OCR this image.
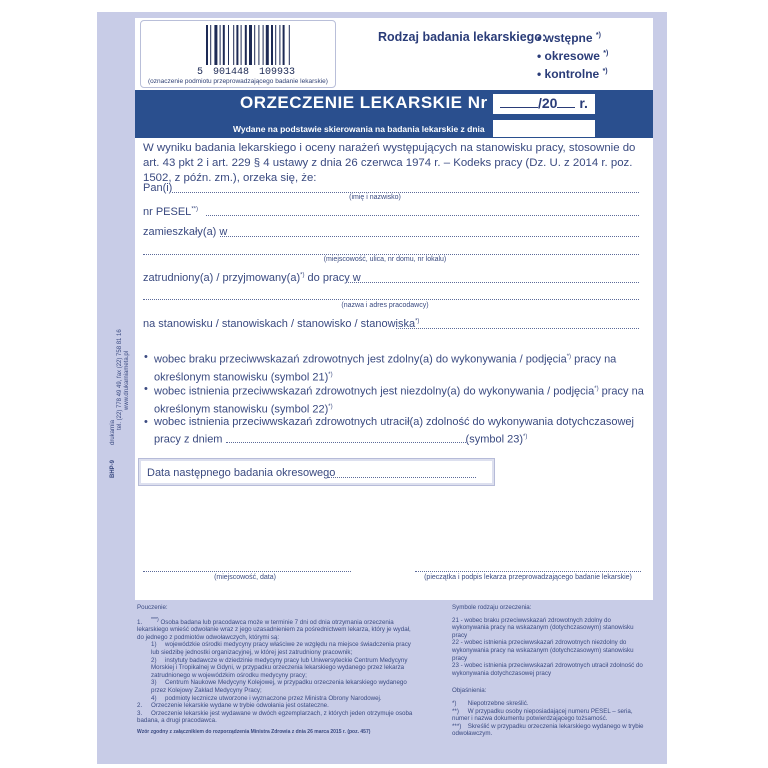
5 901448 109933
(oznaczenie podmiotu przeprowadzającego badanie lekarskie)
Rodzaj badania lekarskiego:
• wstępne *)
• okresowe *)
• kontrolne *)
ORZECZENIE LEKARSKIE Nr	/20 r.
Wydane na podstawie skierowania na badania lekarskie z dnia
W wyniku badania lekarskiego i oceny narażeń występujących na stanowisku pracy, stosownie do art. 43 pkt 2 i art. 229 § 4 ustawy z dnia 26 czerwca 1974 r. – Kodeks pracy (Dz. U. z 2014 r. poz. 1502, z późn. zm.), orzeka się, że:
Pan(i)
(imię i nazwisko)
nr PESEL**)
zamieszkały(a) w
(miejscowość, ulica, nr domu, nr lokalu)
zatrudniony(a) / przyjmowany(a)*) do pracy w
(nazwa i adres pracodawcy)
na stanowisku / stanowiskach / stanowisko / stanowiska*)
• wobec braku przeciwwskazań zdrowotnych jest zdolny(a) do wykonywania / podjęcia*) pracy na określonym stanowisku (symbol 21)*)
• wobec istnienia przeciwwskazań zdrowotnych jest niezdolny(a) do wykonywania / podjęcia*) pracy na określonym stanowisku (symbol 22)*)
• wobec istnienia przeciwwskazań zdrowotnych utracił(a) zdolność do wykonywania dotychczasowej pracy z dniem	(symbol 23)*)
Data następnego badania okresowego
(miejscowość, data)	(pieczątka i podpis lekarza przeprowadzającego badanie lekarskie)
BHP-9
drukarnia
tel. (22) 778 49 49, fax (22) 758 81 16 www.drukarniameta.pl
Pouczenie:
1. ***) Osoba badana lub pracodawca może w terminie 7 dni od dnia otrzymania orzeczenia lekarskiego wnieść odwołanie wraz z jego uzasadnieniem za pośrednictwem lekarza, który je wydał, do jednego z podmiotów odwoławczych, którymi są:
1) wojewódzkie ośrodki medycyny pracy właściwe ze względu na miejsce świadczenia pracy lub siedzibę jednostki organizacyjnej, w której jest zatrudniony pracownik;
2) instytuty badawcze w dziedzinie medycyny pracy lub Uniwersyteckie Centrum Medycyny Morskiej i Tropikalnej w Gdyni, w przypadku orzeczenia lekarskiego wydanego przez lekarza zatrudnionego w wojewódzkim ośrodku medycyny pracy;
3) Centrum Naukowe Medycyny Kolejowej, w przypadku orzeczenia lekarskiego wydanego przez Kolejowy Zakład Medycyny Pracy;
4) podmioty lecznicze utworzone i wyznaczone przez Ministra Obrony Narodowej.
2. Orzeczenie lekarskie wydane w trybie odwołania jest ostateczne.
3. Orzeczenie lekarskie jest wydawane w dwóch egzemplarzach, z których jeden otrzymuje osoba badana, a drugi pracodawca.
Wzór zgodny z załącznikiem do rozporządzenia Ministra Zdrowia z dnia 26 marca 2015 r. (poz. 457)
Symbole rodzaju orzeczenia:
21 - wobec braku przeciwwskazań zdrowotnych zdolny do wykonywania pracy na wskazanym (dotychczasowym) stanowisku pracy
22 - wobec istnienia przeciwwskazań zdrowotnych niezdolny do wykonywania pracy na wskazanym (dotychczasowym) stanowisku pracy
23 - wobec istnienia przeciwwskazań zdrowotnych utracił zdolność do wykonywania dotychczasowej pracy
Objaśnienia:
*) Niepotrzebne skreślić.
**) W przypadku osoby nieposiadającej numeru PESEL – seria, numer i nazwa dokumentu potwierdzającego tożsamość.
***) Skreślić w przypadku orzeczenia lekarskiego wydanego w trybie odwoławczym.
